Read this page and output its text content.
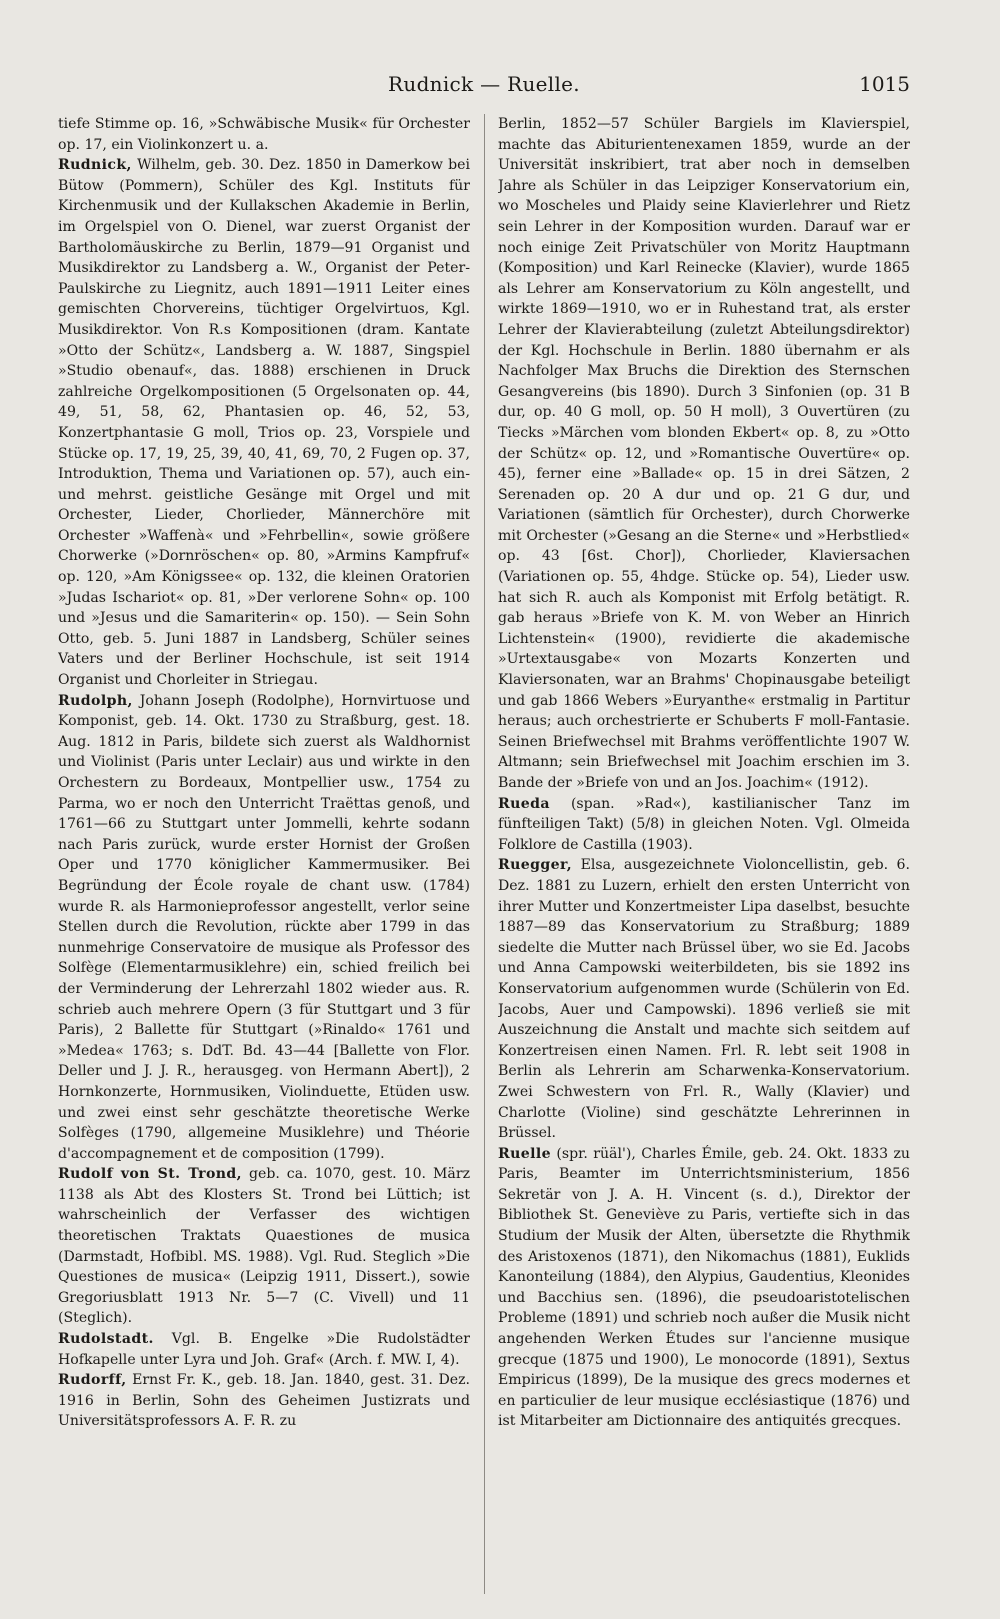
Rudnick — Ruelle.	1015

tiefe Stimme op. 16, »Schwäbische Musik« für Orchester op. 17, ein Violinkonzert u. a.

Rudnick, Wilhelm, geb. 30. Dez. 1850 in Damerkow bei Bütow (Pommern), Schüler des Kgl. Instituts für Kirchenmusik und der Kullakschen Akademie in Berlin, im Orgelspiel von O. Dienel, war zuerst Organist der Bartholomäuskirche zu Berlin, 1879—91 Organist und Musikdirektor zu Landsberg a. W., Organist der Peter-Paulskirche zu Liegnitz, auch 1891—1911 Leiter eines gemischten Chorvereins, tüchtiger Orgelvirtuos, Kgl. Musikdirektor. Von R.s Kompositionen (dram. Kantate »Otto der Schütz«, Landsberg a. W. 1887, Singspiel »Studio obenauf«, das. 1888) erschienen in Druck zahlreiche Orgelkompositionen (5 Orgelsonaten op. 44, 49, 51, 58, 62, Phantasien op. 46, 52, 53, Konzertphantasie G moll, Trios op. 23, Vorspiele und Stücke op. 17, 19, 25, 39, 40, 41, 69, 70, 2 Fugen op. 37, Introduktion, Thema und Variationen op. 57), auch ein- und mehrst. geistliche Gesänge mit Orgel und mit Orchester, Lieder, Chorlieder, Männerchöre mit Orchester »Waffenà« und »Fehrbellin«, sowie größere Chorwerke (»Dornröschen« op. 80, »Armins Kampfruf« op. 120, »Am Königssee« op. 132, die kleinen Oratorien »Judas Ischariot« op. 81, »Der verlorene Sohn« op. 100 und »Jesus und die Samariterin« op. 150). — Sein Sohn Otto, geb. 5. Juni 1887 in Landsberg, Schüler seines Vaters und der Berliner Hochschule, ist seit 1914 Organist und Chorleiter in Striegau.

Rudolph, Johann Joseph (Rodolphe), Hornvirtuose und Komponist, geb. 14. Okt. 1730 zu Straßburg, gest. 18. Aug. 1812 in Paris, bildete sich zuerst als Waldhornist und Violinist (Paris unter Leclair) aus und wirkte in den Orchestern zu Bordeaux, Montpellier usw., 1754 zu Parma, wo er noch den Unterricht Traëttas genoß, und 1761—66 zu Stuttgart unter Jommelli, kehrte sodann nach Paris zurück, wurde erster Hornist der Großen Oper und 1770 königlicher Kammermusiker. Bei Begründung der École royale de chant usw. (1784) wurde R. als Harmonieprofessor angestellt, verlor seine Stellen durch die Revolution, rückte aber 1799 in das nunmehrige Conservatoire de musique als Professor des Solfège (Elementarmusiklehre) ein, schied freilich bei der Verminderung der Lehrerzahl 1802 wieder aus. R. schrieb auch mehrere Opern (3 für Stuttgart und 3 für Paris), 2 Ballette für Stuttgart (»Rinaldo« 1761 und »Medea« 1763; s. DdT. Bd. 43—44 [Ballette von Flor. Deller und J. J. R., herausgeg. von Hermann Abert]), 2 Hornkonzerte, Hornmusiken, Violinduette, Etüden usw. und zwei einst sehr geschätzte theoretische Werke Solfèges (1790, allgemeine Musiklehre) und Théorie d'accompagnement et de composition (1799).

Rudolf von St. Trond, geb. ca. 1070, gest. 10. März 1138 als Abt des Klosters St. Trond bei Lüttich; ist wahrscheinlich der Verfasser des wichtigen theoretischen Traktats Quaestiones de musica (Darmstadt, Hofbibl. MS. 1988). Vgl. Rud. Steglich »Die Questiones de musica« (Leipzig 1911, Dissert.), sowie Gregoriusblatt 1913 Nr. 5—7 (C. Vivell) und 11 (Steglich).

Rudolstadt. Vgl. B. Engelke »Die Rudolstädter Hofkapelle unter Lyra und Joh. Graf« (Arch. f. MW. I, 4).

Rudorff, Ernst Fr. K., geb. 18. Jan. 1840, gest. 31. Dez. 1916 in Berlin, Sohn des Geheimen Justizrats und Universitätsprofessors A. F. R. zu

Berlin, 1852—57 Schüler Bargiels im Klavierspiel, machte das Abiturientenexamen 1859, wurde an der Universität inskribiert, trat aber noch in demselben Jahre als Schüler in das Leipziger Konservatorium ein, wo Moscheles und Plaidy seine Klavierlehrer und Rietz sein Lehrer in der Komposition wurden. Darauf war er noch einige Zeit Privatschüler von Moritz Hauptmann (Komposition) und Karl Reinecke (Klavier), wurde 1865 als Lehrer am Konservatorium zu Köln angestellt, und wirkte 1869—1910, wo er in Ruhestand trat, als erster Lehrer der Klavierabteilung (zuletzt Abteilungsdirektor) der Kgl. Hochschule in Berlin. 1880 übernahm er als Nachfolger Max Bruchs die Direktion des Sternschen Gesangvereins (bis 1890). Durch 3 Sinfonien (op. 31 B dur, op. 40 G moll, op. 50 H moll), 3 Ouvertüren (zu Tiecks »Märchen vom blonden Ekbert« op. 8, zu »Otto der Schütz« op. 12, und »Romantische Ouvertüre« op. 45), ferner eine »Ballade« op. 15 in drei Sätzen, 2 Serenaden op. 20 A dur und op. 21 G dur, und Variationen (sämtlich für Orchester), durch Chorwerke mit Orchester (»Gesang an die Sterne« und »Herbstlied« op. 43 [6st. Chor]), Chorlieder, Klaviersachen (Variationen op. 55, 4hdge. Stücke op. 54), Lieder usw. hat sich R. auch als Komponist mit Erfolg betätigt. R. gab heraus »Briefe von K. M. von Weber an Hinrich Lichtenstein« (1900), revidierte die akademische »Urtextausgabe« von Mozarts Konzerten und Klaviersonaten, war an Brahms' Chopinausgabe beteiligt und gab 1866 Webers »Euryanthe« erstmalig in Partitur heraus; auch orchestrierte er Schuberts F moll-Fantasie. Seinen Briefwechsel mit Brahms veröffentlichte 1907 W. Altmann; sein Briefwechsel mit Joachim erschien im 3. Bande der »Briefe von und an Jos. Joachim« (1912).

Rueda (span. »Rad«), kastilianischer Tanz im fünfteiligen Takt) (5/8) in gleichen Noten. Vgl. Olmeida Folklore de Castilla (1903).

Ruegger, Elsa, ausgezeichnete Violoncellistin, geb. 6. Dez. 1881 zu Luzern, erhielt den ersten Unterricht von ihrer Mutter und Konzertmeister Lipa daselbst, besuchte 1887—89 das Konservatorium zu Straßburg; 1889 siedelte die Mutter nach Brüssel über, wo sie Ed. Jacobs und Anna Campowski weiterbildeten, bis sie 1892 ins Konservatorium aufgenommen wurde (Schülerin von Ed. Jacobs, Auer und Campowski). 1896 verließ sie mit Auszeichnung die Anstalt und machte sich seitdem auf Konzertreisen einen Namen. Frl. R. lebt seit 1908 in Berlin als Lehrerin am Scharwenka-Konservatorium. Zwei Schwestern von Frl. R., Wally (Klavier) und Charlotte (Violine) sind geschätzte Lehrerinnen in Brüssel.

Ruelle (spr. rüäl'), Charles Émile, geb. 24. Okt. 1833 zu Paris, Beamter im Unterrichtsministerium, 1856 Sekretär von J. A. H. Vincent (s. d.), Direktor der Bibliothek St. Geneviève zu Paris, vertiefte sich in das Studium der Musik der Alten, übersetzte die Rhythmik des Aristoxenos (1871), den Nikomachus (1881), Euklids Kanonteilung (1884), den Alypius, Gaudentius, Kleonides und Bacchius sen. (1896), die pseudoaristotelischen Probleme (1891) und schrieb noch außer die Musik nicht angehenden Werken Études sur l'ancienne musique grecque (1875 und 1900), Le monocorde (1891), Sextus Empiricus (1899), De la musique des grecs modernes et en particulier de leur musique ecclésiastique (1876) und ist Mitarbeiter am Dictionnaire des antiquités grecques.
